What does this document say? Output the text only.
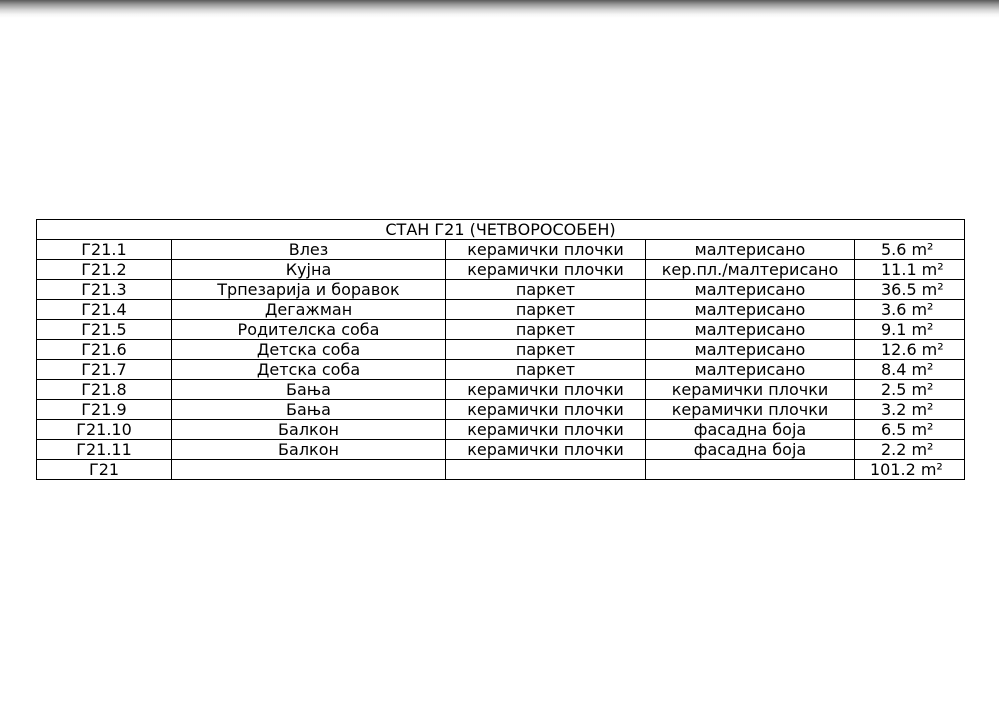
СТАН Г21 (ЧЕТВОРОСОБЕН)				
Г21.1	Влез	керамички плочки	малтерисано	5.6 m²
Г21.2	Кујна	керамички плочки	кер.пл./малтерисано	11.1 m²
Г21.3	Трпезарија и боравок	паркет	малтерисано	36.5 m²
Г21.4	Дегажман	паркет	малтерисано	3.6 m²
Г21.5	Родителска соба	паркет	малтерисано	9.1 m²
Г21.6	Детска соба	паркет	малтерисано	12.6 m²
Г21.7	Детска соба	паркет	малтерисано	8.4 m²
Г21.8	Бања	керамички плочки	керамички плочки	2.5 m²
Г21.9	Бања	керамички плочки	керамички плочки	3.2 m²
Г21.10	Балкон	керамички плочки	фасадна боја	6.5 m²
Г21.11	Балкон	керамички плочки	фасадна боја	2.2 m²
Г21				101.2 m²
